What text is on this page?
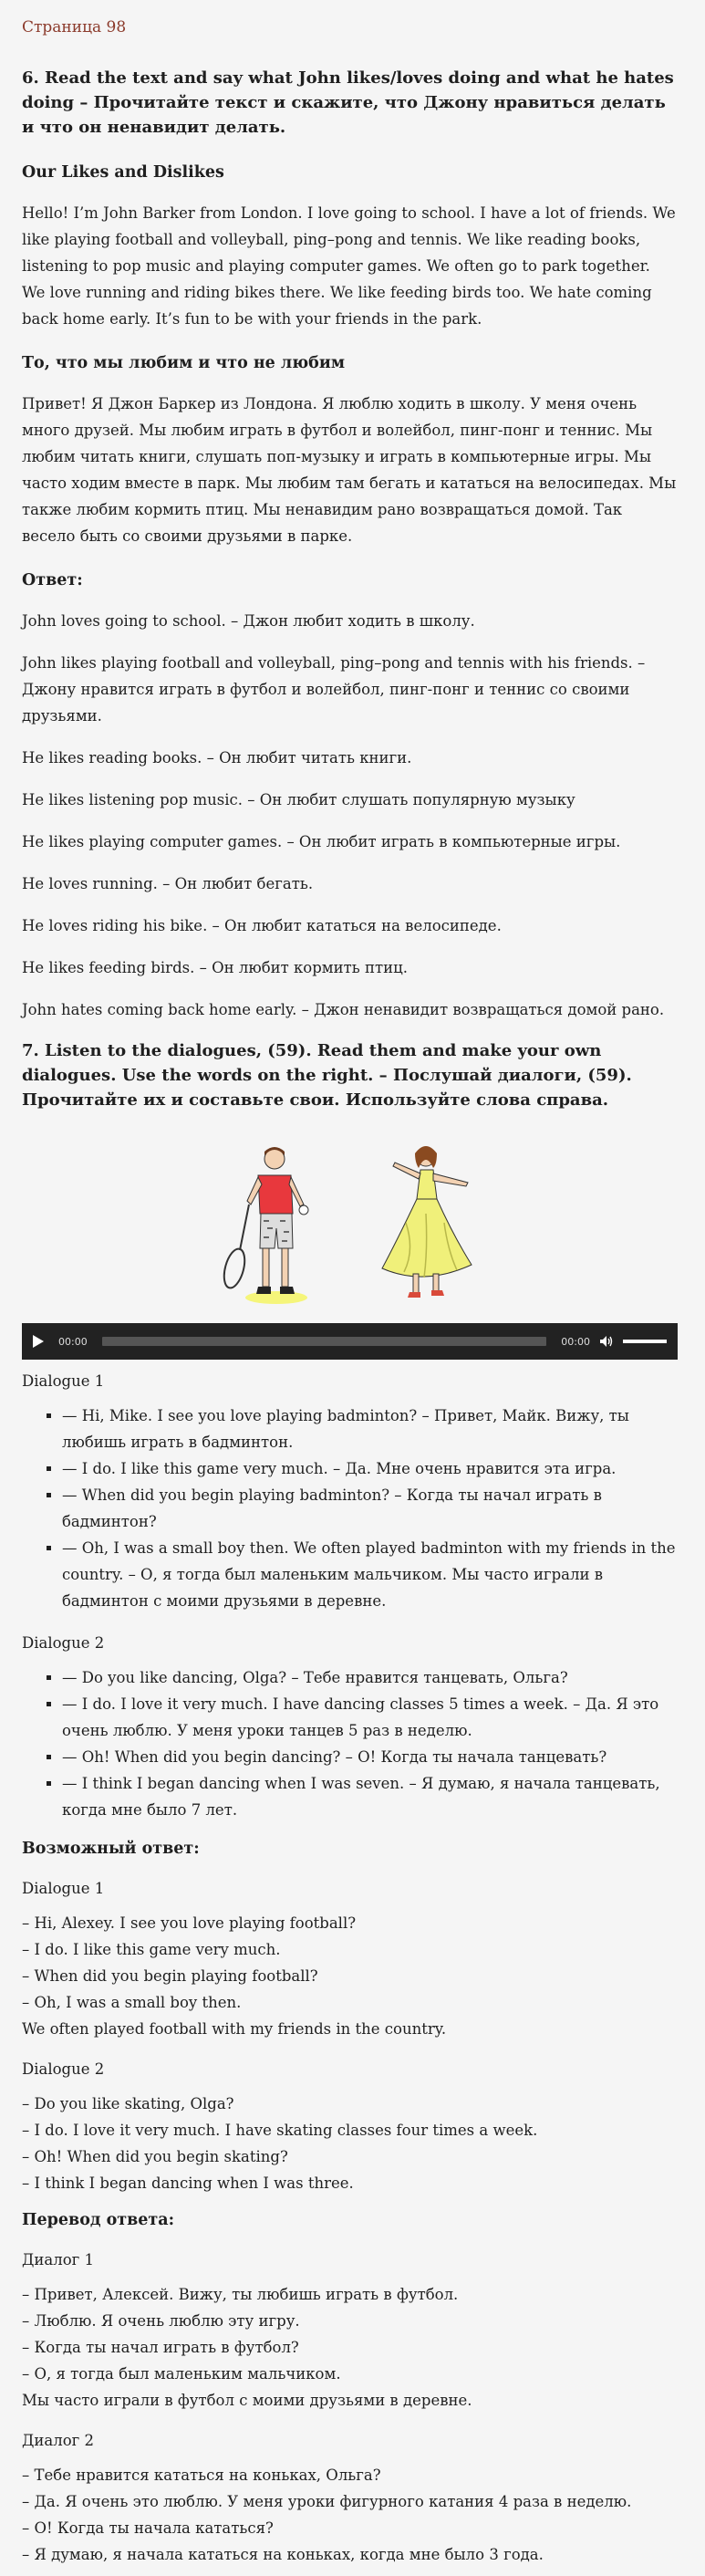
Страница 98
6. Read the text and say what John likes/loves doing and what he hates doing – Прочитайте текст и скажите, что Джону нравиться делать и что он ненавидит делать.
Our Likes and Dislikes

Hello! I’m John Barker from London. I love going to school. I have a lot of friends. We like playing football and volleyball, ping–pong and tennis. We like reading books, listening to pop music and playing computer games. We often go to park together. We love running and riding bikes there. We like feeding birds too. We hate coming back home early. It’s fun to be with your friends in the park.

То, что мы любим и что не любим

Привет! Я Джон Баркер из Лондона. Я люблю ходить в школу. У меня очень много друзей. Мы любим играть в футбол и волейбол, пинг-понг и теннис. Мы любим читать книги, слушать поп-музыку и играть в компьютерные игры. Мы часто ходим вместе в парк. Мы любим там бегать и кататься на велосипедах. Мы также любим кормить птиц. Мы ненавидим рано возвращаться домой. Так весело быть со своими друзьями в парке.

Ответ:

John loves going to school. – Джон любит ходить в школу.

John likes playing football and volleyball, ping–pong and tennis with his friends. – Джону нравится играть в футбол и волейбол, пинг-понг и теннис со своими друзьями.

He likes reading books. – Он любит читать книги.

He likes listening pop music. – Он любит слушать популярную музыку

He likes playing computer games. – Он любит играть в компьютерные игры.

He loves running. – Он любит бегать.

He loves riding his bike. – Он любит кататься на велосипеде.

He likes feeding birds. – Он любит кормить птиц.

John hates coming back home early. – Джон ненавидит возвращаться домой рано.

7. Listen to the dialogues, (59). Read them and make your own dialogues. Use the words on the right. – Послушай диалоги, (59). Прочитайте их и составьте свои. Используйте слова справа.
00:00	00:00
Dialogue 1
▪ — Hi, Mike. I see you love playing badminton? – Привет, Майк. Вижу, ты любишь играть в бадминтон.
▪ — I do. I like this game very much. – Да. Мне очень нравится эта игра.
▪ — When did you begin playing badminton? – Когда ты начал играть в бадминтон?
▪ — Oh, I was a small boy then. We often played badminton with my friends in the country. – О, я тогда был маленьким мальчиком. Мы часто играли в бадминтон с моими друзьями в деревне.
Dialogue 2
▪ — Do you like dancing, Olga? – Тебе нравится танцевать, Ольга?
▪ — I do. I love it very much. I have dancing classes 5 times a week. – Да. Я это очень люблю. У меня уроки танцев 5 раз в неделю.
▪ — Oh! When did you begin dancing? – О! Когда ты начала танцевать?
▪ — I think I began dancing when I was seven. – Я думаю, я начала танцевать, когда мне было 7 лет.
Возможный ответ:
Dialogue 1
– Hi, Alexey. I see you love playing football?
– I do. I like this game very much.
– When did you begin playing football?
– Oh, I was a small boy then.
We often played football with my friends in the country.
Dialogue 2
– Do you like skating, Olga?
– I do. I love it very much. I have skating classes four times a week.
– Oh! When did you begin skating?
– I think I began dancing when I was three.
Перевод ответа:
Диалог 1
– Привет, Алексей. Вижу, ты любишь играть в футбол.
– Люблю. Я очень люблю эту игру.
– Когда ты начал играть в футбол?
– О, я тогда был маленьким мальчиком.
Мы часто играли в футбол с моими друзьями в деревне.
Диалог 2
– Тебе нравится кататься на коньках, Ольга?
– Да. Я очень это люблю. У меня уроки фигурного катания 4 раза в неделю.
– О! Когда ты начала кататься?
– Я думаю, я начала кататься на коньках, когда мне было 3 года.
